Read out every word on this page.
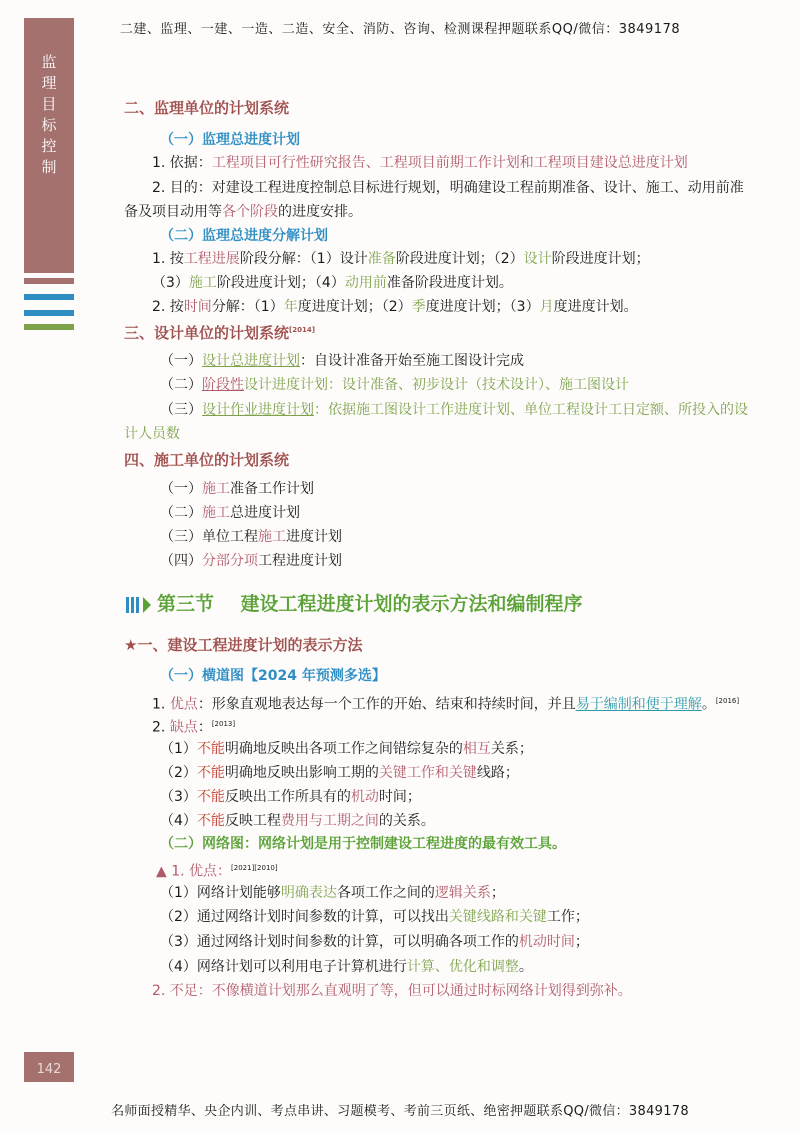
二建、监理、一建、一造、二造、安全、消防、咨询、检测课程押题联系QQ/微信：3849178
监
理
目
标
控
制
二、监理单位的计划系统
（一）监理总进度计划
1. 依据：工程项目可行性研究报告、工程项目前期工作计划和工程项目建设总进度计划
2. 目的：对建设工程进度控制总目标进行规划，明确建设工程前期准备、设计、施工、动用前准
备及项目动用等各个阶段的进度安排。
（二）监理总进度分解计划
1. 按工程进展阶段分解：（1）设计准备阶段进度计划；（2）设计阶段进度计划；
（3）施工阶段进度计划；（4）动用前准备阶段进度计划。
2. 按时间分解：（1）年度进度计划；（2）季度进度计划；（3）月度进度计划。
三、设计单位的计划系统[2014]
（一）设计总进度计划：自设计准备开始至施工图设计完成
（二）阶段性设计进度计划：设计准备、初步设计（技术设计）、施工图设计
（三）设计作业进度计划：依据施工图设计工作进度计划、单位工程设计工日定额、所投入的设
计人员数
四、施工单位的计划系统
（一）施工准备工作计划
（二）施工总进度计划
（三）单位工程施工进度计划
（四）分部分项工程进度计划
第三节 建设工程进度计划的表示方法和编制程序
★一、建设工程进度计划的表示方法
（一）横道图【2024 年预测多选】
1. 优点：形象直观地表达每一个工作的开始、结束和持续时间，并且易于编制和便于理解。[2016]
2. 缺点：[2013]
（1）不能明确地反映出各项工作之间错综复杂的相互关系；
（2）不能明确地反映出影响工期的关键工作和关键线路；
（3）不能反映出工作所具有的机动时间；
（4）不能反映工程费用与工期之间的关系。
（二）网络图：网络计划是用于控制建设工程进度的最有效工具。
▲ 1. 优点：[2021][2010]
（1）网络计划能够明确表达各项工作之间的逻辑关系；
（2）通过网络计划时间参数的计算，可以找出关键线路和关键工作；
（3）通过网络计划时间参数的计算，可以明确各项工作的机动时间；
（4）网络计划可以利用电子计算机进行计算、优化和调整。
2. 不足：不像横道计划那么直观明了等，但可以通过时标网络计划得到弥补。
142
名师面授精华、央企内训、考点串讲、习题模考、考前三页纸、绝密押题联系QQ/微信：3849178
